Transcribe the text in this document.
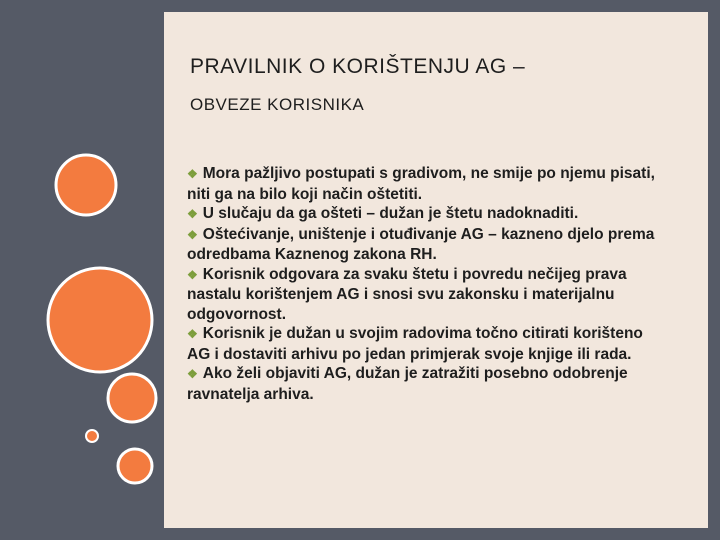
PRAVILNIK O KORIŠTENJU AG –
OBVEZE KORISNIKA

❖ Mora pažljivo postupati s gradivom, ne smije po njemu pisati, niti ga na bilo koji način oštetiti.

❖ U slučaju da ga ošteti – dužan je štetu nadoknaditi.

❖ Oštećivanje, uništenje i otuđivanje AG – kazneno djelo prema odredbama Kaznenog zakona RH.

❖ Korisnik odgovara za svaku štetu i povredu nečijeg prava nastalu korištenjem AG i snosi svu zakonsku i materijalnu odgovornost.

❖ Korisnik je dužan u svojim radovima točno citirati korišteno AG i dostaviti arhivu po jedan primjerak svoje knjige ili rada.

❖ Ako želi objaviti AG, dužan je zatražiti posebno odobrenje ravnatelja arhiva.
